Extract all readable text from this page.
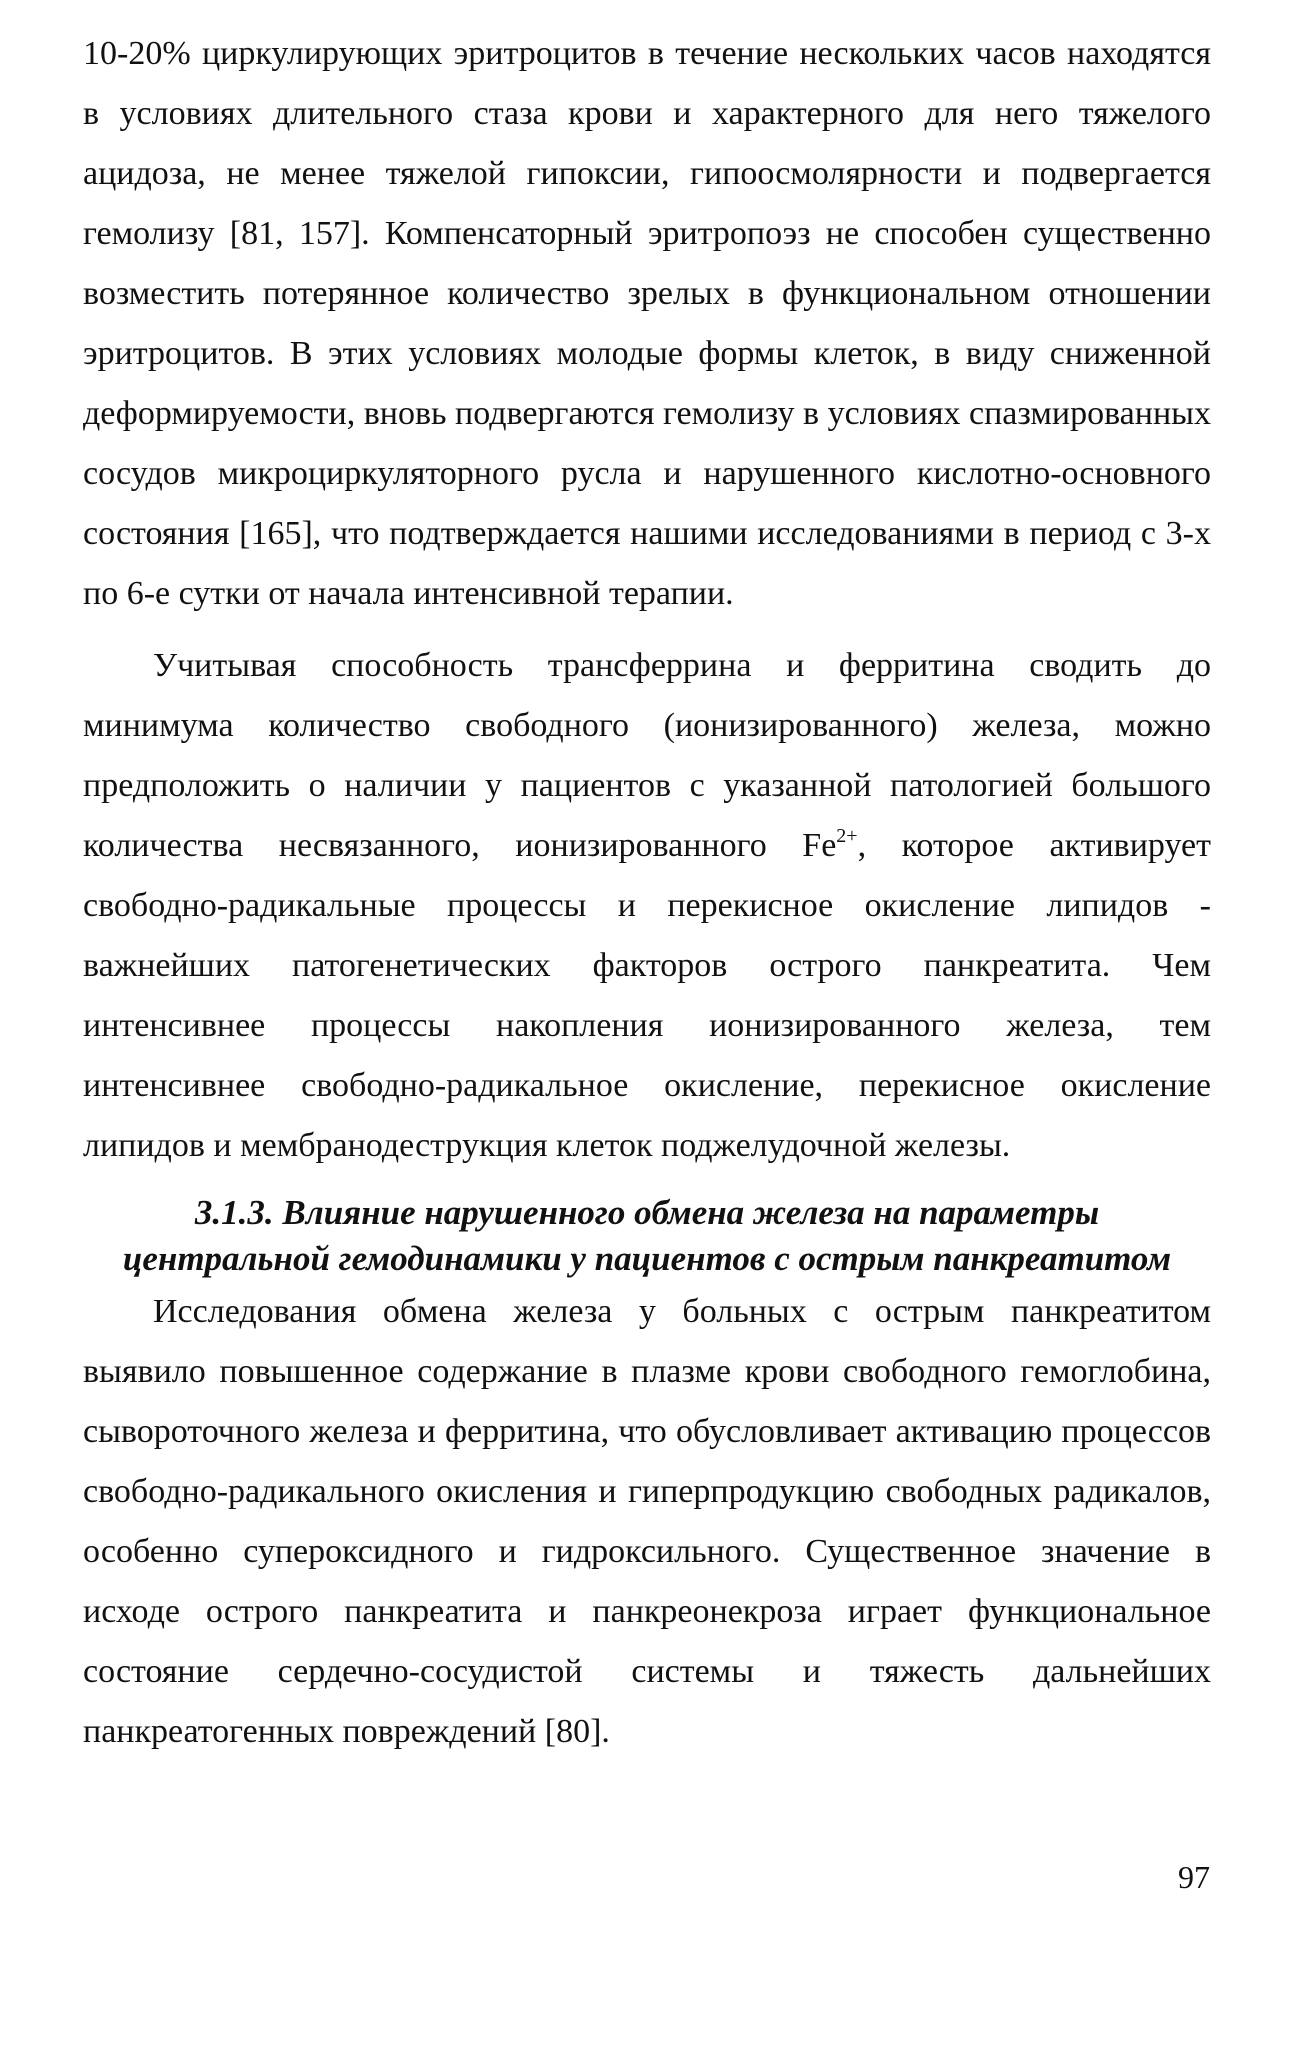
10-20% циркулирующих эритроцитов в течение нескольких часов находятся в условиях длительного стаза крови и характерного для него тяжелого ацидоза, не менее тяжелой гипоксии, гипоосмолярности и подвергается гемолизу [81, 157]. Компенсаторный эритропоэз не способен существенно возместить потерянное количество зрелых в функциональном отношении эритроцитов. В этих условиях молодые формы клеток, в виду сниженной деформируемости, вновь подвергаются гемолизу в условиях спазмированных сосудов микроциркуляторного русла и нарушенного кислотно-основного состояния [165], что подтверждается нашими исследованиями в период с 3-х по 6-е сутки от начала интенсивной терапии.

Учитывая способность трансферрина и ферритина сводить до минимума количество свободного (ионизированного) железа, можно предположить о наличии у пациентов с указанной патологией большого количества несвязанного, ионизированного $Fe^{2+}$, которое активирует свободно-радикальные процессы и перекисное окисление липидов - важнейших патогенетических факторов острого панкреатита. Чем интенсивнее процессы накопления ионизированного железа, тем интенсивнее свободно-радикальное окисление, перекисное окисление липидов и мембранодеструкция клеток поджелудочной железы.

3.1.3. Влияние нарушенного обмена железа на параметры
центральной гемодинамики у пациентов с острым панкреатитом

Исследования обмена железа у больных с острым панкреатитом выявило повышенное содержание в плазме крови свободного гемоглобина, сывороточного железа и ферритина, что обусловливает активацию процессов свободно-радикального окисления и гиперпродукцию свободных радикалов, особенно супероксидного и гидроксильного. Существенное значение в исходе острого панкреатита и панкреонекроза играет функциональное состояние сердечно-сосудистой системы и тяжесть дальнейших панкреатогенных повреждений [80].

97
